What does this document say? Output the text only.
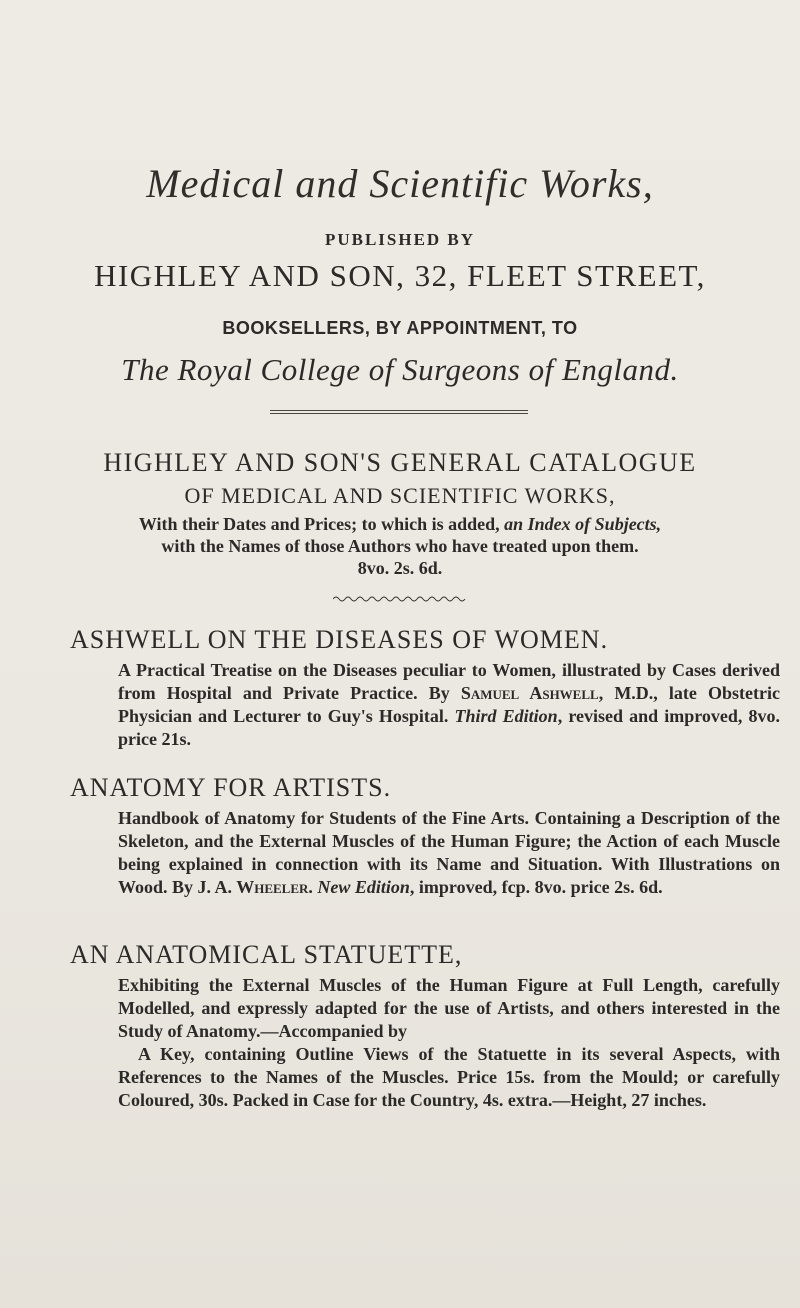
Medical and Scientific Works,
PUBLISHED BY
HIGHLEY AND SON, 32, FLEET STREET,
BOOKSELLERS, BY APPOINTMENT, TO
The Royal College of Surgeons of England.
HIGHLEY AND SON'S GENERAL CATALOGUE
OF MEDICAL AND SCIENTIFIC WORKS,
With their Dates and Prices; to which is added, an Index of Subjects,
with the Names of those Authors who have treated upon them.
8vo. 2s. 6d.
ASHWELL ON THE DISEASES OF WOMEN.
A Practical Treatise on the Diseases peculiar to Women, illustrated by Cases derived from Hospital and Private Practice. By Samuel Ashwell, M.D., late Obstetric Physician and Lecturer to Guy's Hospital. Third Edition, revised and improved, 8vo. price 21s.
ANATOMY FOR ARTISTS.
Handbook of Anatomy for Students of the Fine Arts. Containing a Description of the Skeleton, and the External Muscles of the Human Figure; the Action of each Muscle being explained in connection with its Name and Situation. With Illustrations on Wood. By J. A. Wheeler. New Edition, improved, fcp. 8vo. price 2s. 6d.
AN ANATOMICAL STATUETTE,
Exhibiting the External Muscles of the Human Figure at Full Length, carefully Modelled, and expressly adapted for the use of Artists, and others interested in the Study of Anatomy.—Accompanied by
A Key, containing Outline Views of the Statuette in its several Aspects, with References to the Names of the Muscles. Price 15s. from the Mould; or carefully Coloured, 30s. Packed in Case for the Country, 4s. extra.—Height, 27 inches.
